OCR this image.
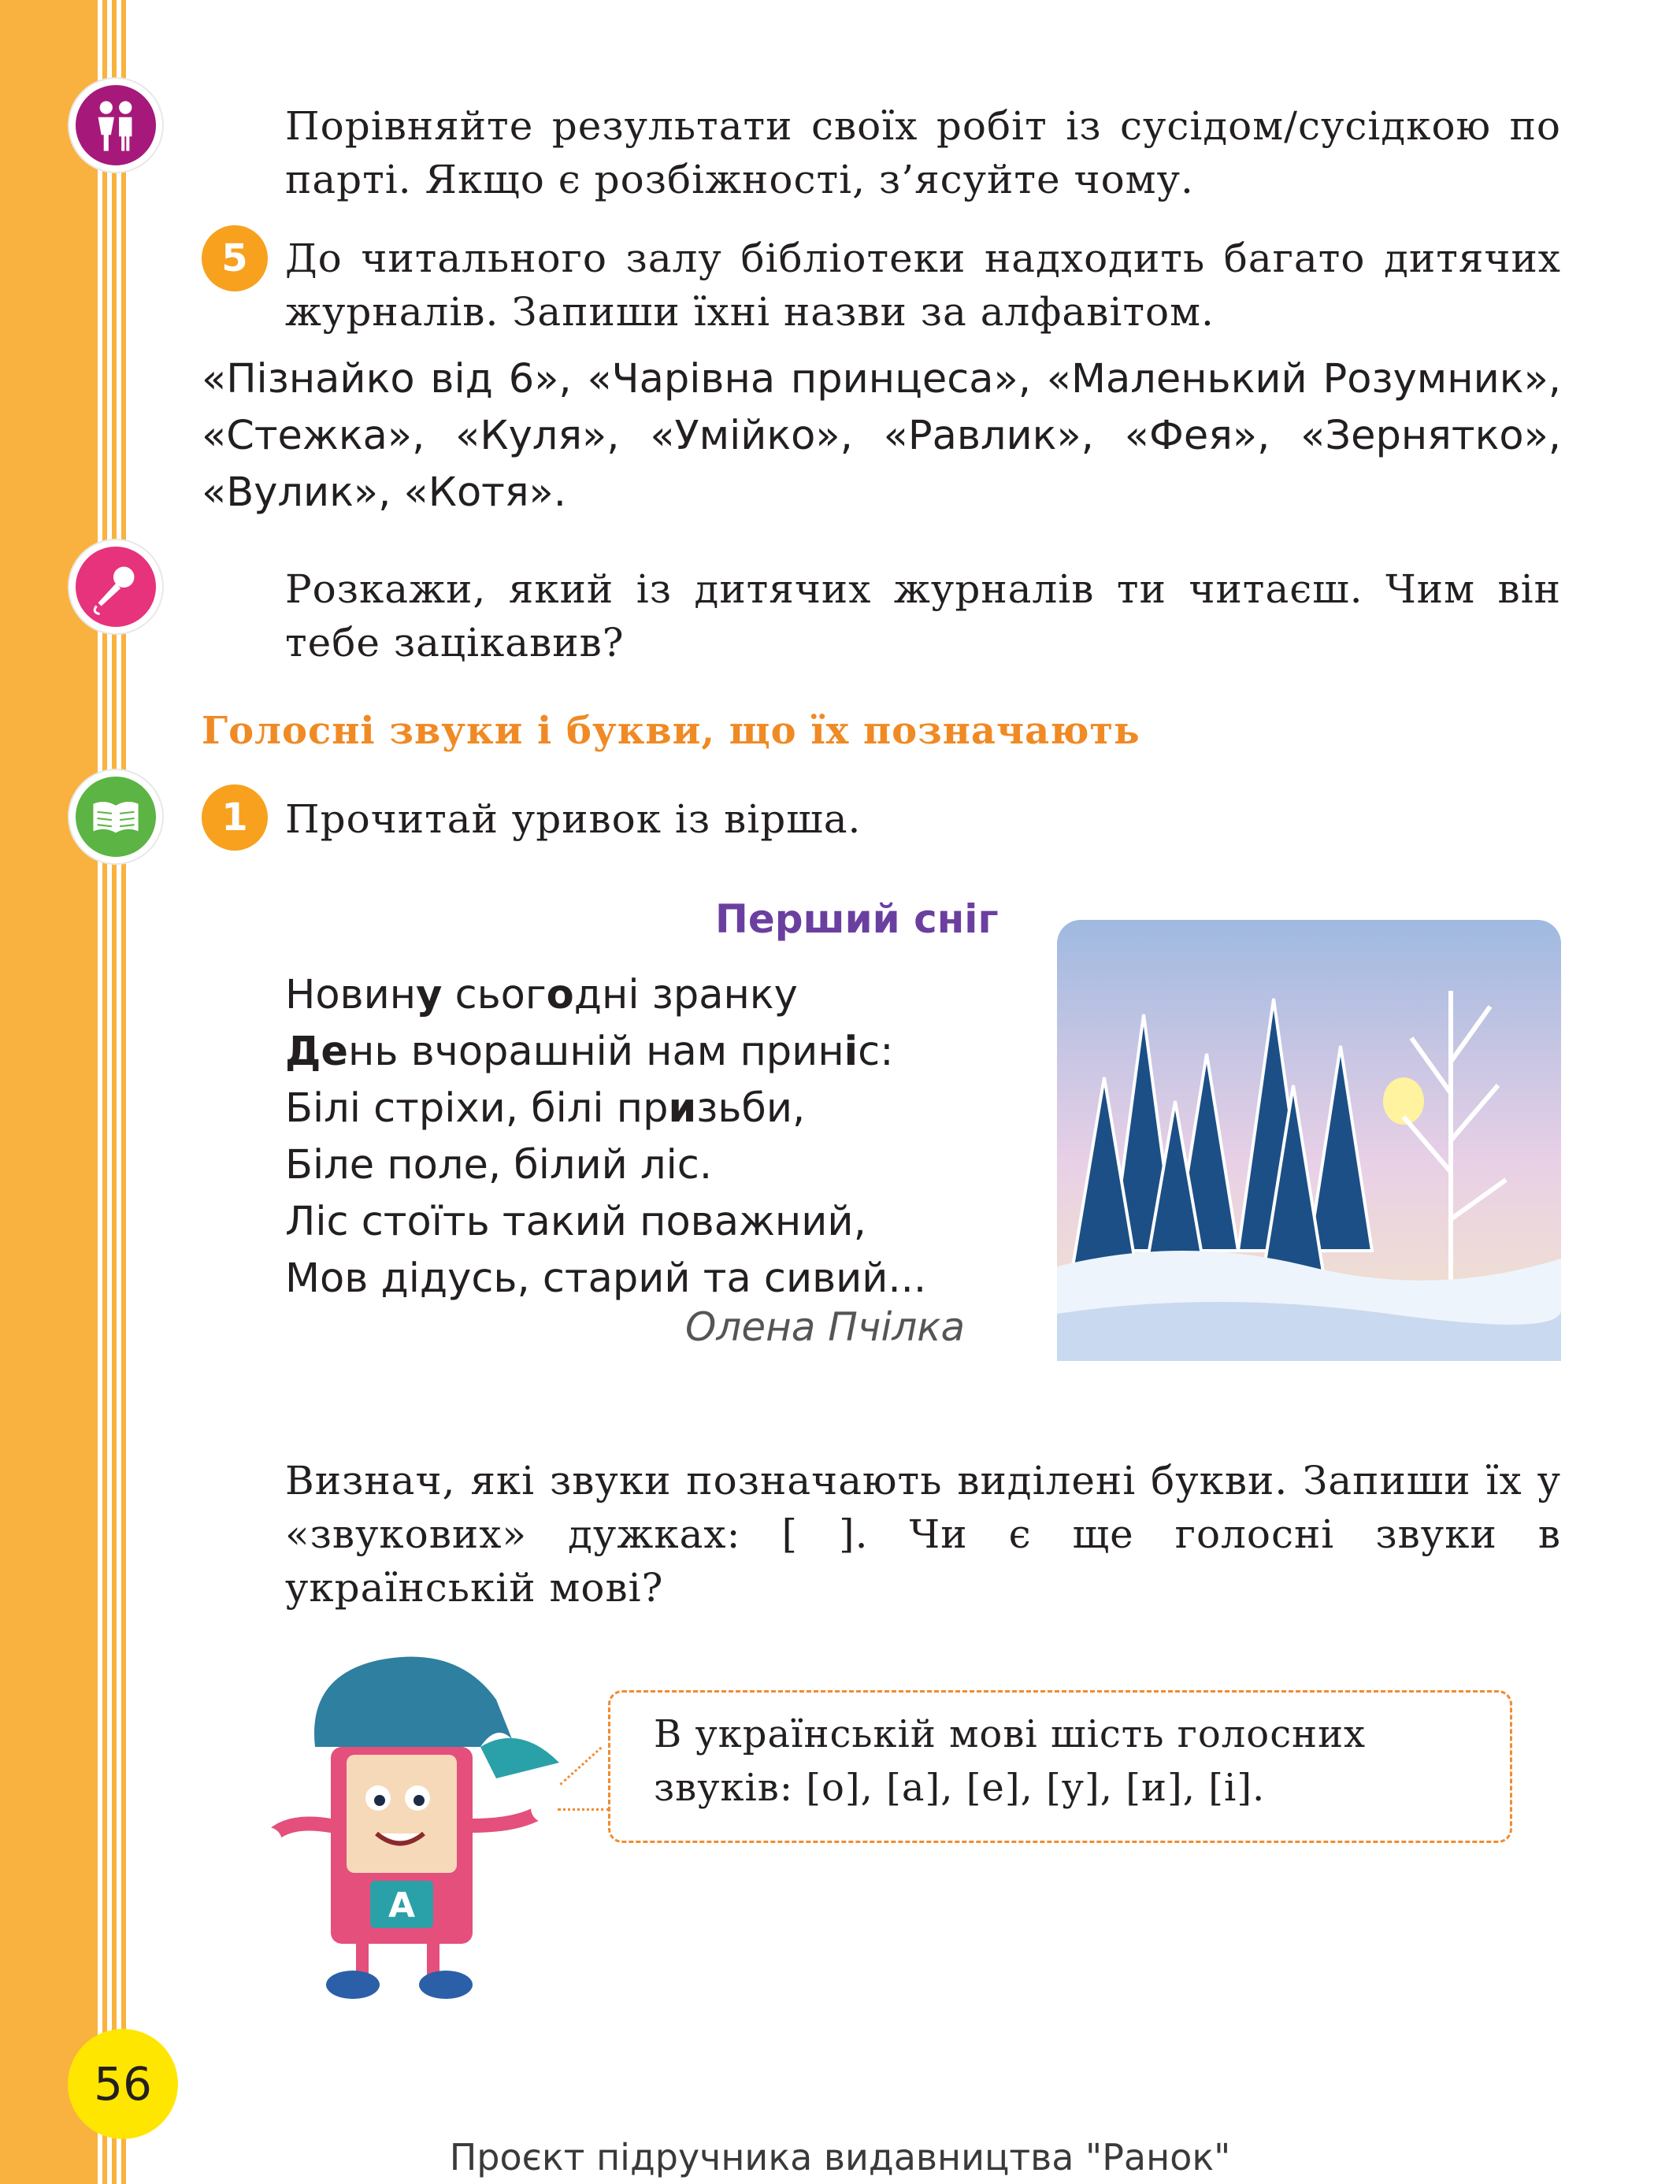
Порівняйте результати своїх робіт із сусідом/сусідкою по парті. Якщо є розбіжності, з’ясуйте чому.

5 До читального залу бібліотеки надходить багато дитячих журналів. Запиши їхні назви за алфавітом.

«Пізнайко від 6», «Чарівна принцеса», «Маленький Розумник», «Стежка», «Куля», «Умійко», «Равлик», «Фея», «Зернятко», «Вулик», «Котя».

Розкажи, який із дитячих журналів ти читаєш. Чим він тебе зацікавив?

Голосні звуки і букви, що їх позначають
1 Прочитай уривок із вірша.

Перший сніг
Новину сьогодні зранку
День вчорашній нам приніс:
Білі стріхи, білі призьби,
Біле поле, білий ліс.
Ліс стоїть такий поважний,
Мов дідусь, старий та сивий...
Олена Пчілка

Визнач, які звуки позначають виділені букви. Запиши їх у «звукових» дужках: [ ]. Чи є ще голосні звуки в українській мові?

A
В українській мові шість голосних звуків: [о], [а], [е], [у], [и], [і].
56
Проєкт підручника видавництва "Ранок"
